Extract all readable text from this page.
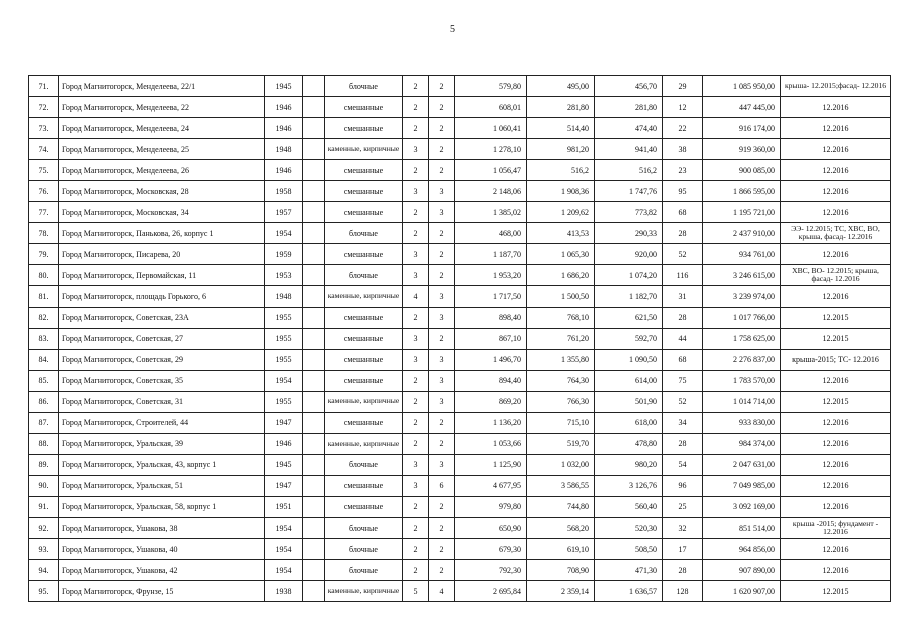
5
71.	Город Магнитогорск, Менделеева, 22/1	1945		блочные	2	2	579,80	495,00	456,70	29	1 085 950,00	крыша- 12.2015;фасад- 12.2016
72.	Город Магнитогорск, Менделеева, 22	1946		смешанные	2	2	608,01	281,80	281,80	12	447 445,00	12.2016
73.	Город Магнитогорск, Менделеева, 24	1946		смешанные	2	2	1 060,41	514,40	474,40	22	916 174,00	12.2016
74.	Город Магнитогорск, Менделеева, 25	1948		каменные, кирпичные	3	2	1 278,10	981,20	941,40	38	919 360,00	12.2016
75.	Город Магнитогорск, Менделеева, 26	1946		смешанные	2	2	1 056,47	516,2	516,2	23	900 085,00	12.2016
76.	Город Магнитогорск, Московская, 28	1958		смешанные	3	3	2 148,06	1 908,36	1 747,76	95	1 866 595,00	12.2016
77.	Город Магнитогорск, Московская, 34	1957		смешанные	2	3	1 385,02	1 209,62	773,82	68	1 195 721,00	12.2016
78.	Город Магнитогорск, Панькова, 26, корпус 1	1954		блочные	2	2	468,00	413,53	290,33	28	2 437 910,00	ЭЭ- 12.2015; ТС, ХВС, ВО, крыша, фасад- 12.2016
79.	Город Магнитогорск, Писарева, 20	1959		смешанные	3	2	1 187,70	1 065,30	920,00	52	934 761,00	12.2016
80.	Город Магнитогорск, Первомайская, 11	1953		блочные	3	2	1 953,20	1 686,20	1 074,20	116	3 246 615,00	ХВС, ВО- 12.2015; крыша, фасад- 12.2016
81.	Город Магнитогорск, площадь Горького, 6	1948		каменные, кирпичные	4	3	1 717,50	1 500,50	1 182,70	31	3 239 974,00	12.2016
82.	Город Магнитогорск, Советская, 23А	1955		смешанные	2	3	898,40	768,10	621,50	28	1 017 766,00	12.2015
83.	Город Магнитогорск, Советская, 27	1955		смешанные	3	2	867,10	761,20	592,70	44	1 758 625,00	12.2015
84.	Город Магнитогорск, Советская, 29	1955		смешанные	3	3	1 496,70	1 355,80	1 090,50	68	2 276 837,00	крыша-2015; ТС- 12.2016
85.	Город Магнитогорск, Советская, 35	1954		смешанные	2	3	894,40	764,30	614,00	75	1 783 570,00	12.2016
86.	Город Магнитогорск, Советская, 31	1955		каменные, кирпичные	2	3	869,20	766,30	501,90	52	1 014 714,00	12.2015
87.	Город Магнитогорск, Строителей, 44	1947		смешанные	2	2	1 136,20	715,10	618,00	34	933 830,00	12.2016
88.	Город Магнитогорск, Уральская, 39	1946		каменные, кирпичные	2	2	1 053,66	519,70	478,80	28	984 374,00	12.2016
89.	Город Магнитогорск, Уральская, 43, корпус 1	1945		блочные	3	3	1 125,90	1 032,00	980,20	54	2 047 631,00	12.2016
90.	Город Магнитогорск, Уральская, 51	1947		смешанные	3	6	4 677,95	3 586,55	3 126,76	96	7 049 985,00	12.2016
91.	Город Магнитогорск, Уральская, 58, корпус 1	1951		смешанные	2	2	979,80	744,80	560,40	25	3 092 169,00	12.2016
92.	Город Магнитогорск, Ушакова, 38	1954		блочные	2	2	650,90	568,20	520,30	32	851 514,00	крыша -2015; фундамент - 12.2016
93.	Город Магнитогорск, Ушакова, 40	1954		блочные	2	2	679,30	619,10	508,50	17	964 856,00	12.2016
94.	Город Магнитогорск, Ушакова, 42	1954		блочные	2	2	792,30	708,90	471,30	28	907 890,00	12.2016
95.	Город Магнитогорск, Фрунзе, 15	1938		каменные, кирпичные	5	4	2 695,84	2 359,14	1 636,57	128	1 620 907,00	12.2015
